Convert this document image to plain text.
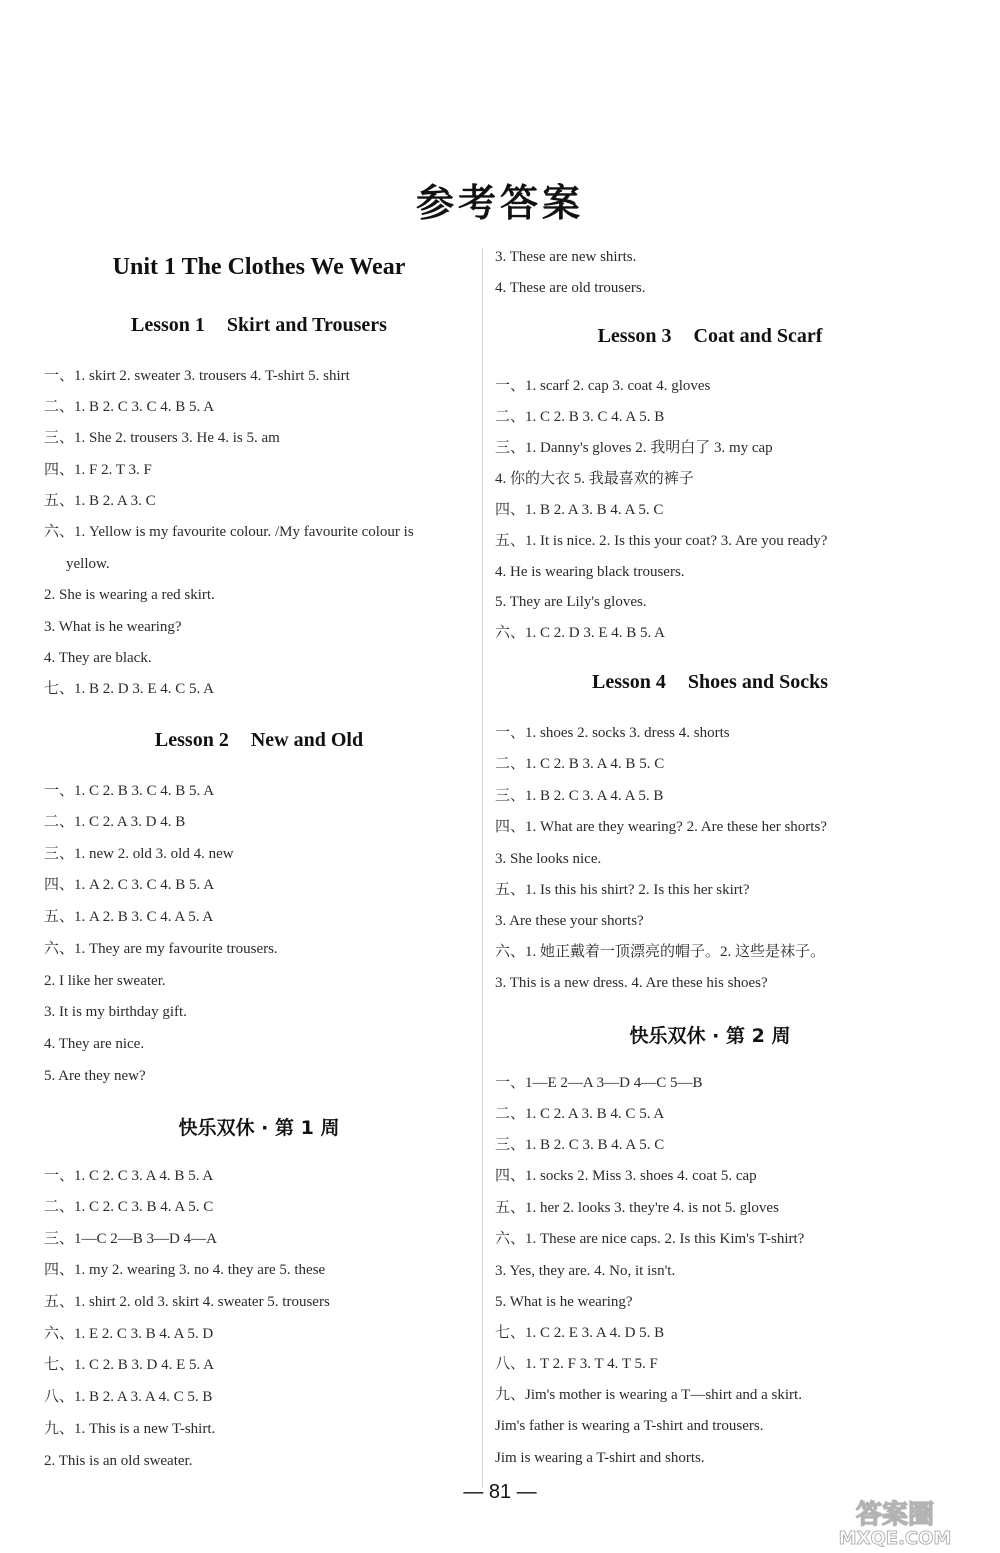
参考答案
Unit 1 The Clothes We Wear
Lesson 1 Skirt and Trousers
一、1. skirt 2. sweater 3. trousers 4. T-shirt 5. shirt
二、1. B 2. C 3. C 4. B 5. A
三、1. She 2. trousers 3. He 4. is 5. am
四、1. F 2. T 3. F
五、1. B 2. A 3. C
六、1. Yellow is my favourite colour. /My favourite colour is
yellow.
2. She is wearing a red skirt.
3. What is he wearing?
4. They are black.
七、1. B 2. D 3. E 4. C 5. A
Lesson 2 New and Old
一、1. C 2. B 3. C 4. B 5. A
二、1. C 2. A 3. D 4. B
三、1. new 2. old 3. old 4. new
四、1. A 2. C 3. C 4. B 5. A
五、1. A 2. B 3. C 4. A 5. A
六、1. They are my favourite trousers.
2. I like her sweater.
3. It is my birthday gift.
4. They are nice.
5. Are they new?
快乐双休 · 第 1 周
一、1. C 2. C 3. A 4. B 5. A
二、1. C 2. C 3. B 4. A 5. C
三、1—C 2—B 3—D 4—A
四、1. my 2. wearing 3. no 4. they are 5. these
五、1. shirt 2. old 3. skirt 4. sweater 5. trousers
六、1. E 2. C 3. B 4. A 5. D
七、1. C 2. B 3. D 4. E 5. A
八、1. B 2. A 3. A 4. C 5. B
九、1. This is a new T-shirt.
2. This is an old sweater.
3. These are new shirts.
4. These are old trousers.
Lesson 3 Coat and Scarf
一、1. scarf 2. cap 3. coat 4. gloves
二、1. C 2. B 3. C 4. A 5. B
三、1. Danny's gloves 2. 我明白了 3. my cap
4. 你的大衣 5. 我最喜欢的裤子
四、1. B 2. A 3. B 4. A 5. C
五、1. It is nice. 2. Is this your coat? 3. Are you ready?
4. He is wearing black trousers.
5. They are Lily's gloves.
六、1. C 2. D 3. E 4. B 5. A
Lesson 4 Shoes and Socks
一、1. shoes 2. socks 3. dress 4. shorts
二、1. C 2. B 3. A 4. B 5. C
三、1. B 2. C 3. A 4. A 5. B
四、1. What are they wearing? 2. Are these her shorts?
3. She looks nice.
五、1. Is this his shirt? 2. Is this her skirt?
3. Are these your shorts?
六、1. 她正戴着一顶漂亮的帽子。2. 这些是袜子。
3. This is a new dress. 4. Are these his shoes?
快乐双休 · 第 2 周
一、1—E 2—A 3—D 4—C 5—B
二、1. C 2. A 3. B 4. C 5. A
三、1. B 2. C 3. B 4. A 5. C
四、1. socks 2. Miss 3. shoes 4. coat 5. cap
五、1. her 2. looks 3. they're 4. is not 5. gloves
六、1. These are nice caps. 2. Is this Kim's T-shirt?
3. Yes, they are. 4. No, it isn't.
5. What is he wearing?
七、1. C 2. E 3. A 4. D 5. B
八、1. T 2. F 3. T 4. T 5. F
九、Jim's mother is wearing a T—shirt and a skirt.
Jim's father is wearing a T-shirt and trousers.
Jim is wearing a T-shirt and shorts.
— 81 —
答案圈
MXQE.COM
